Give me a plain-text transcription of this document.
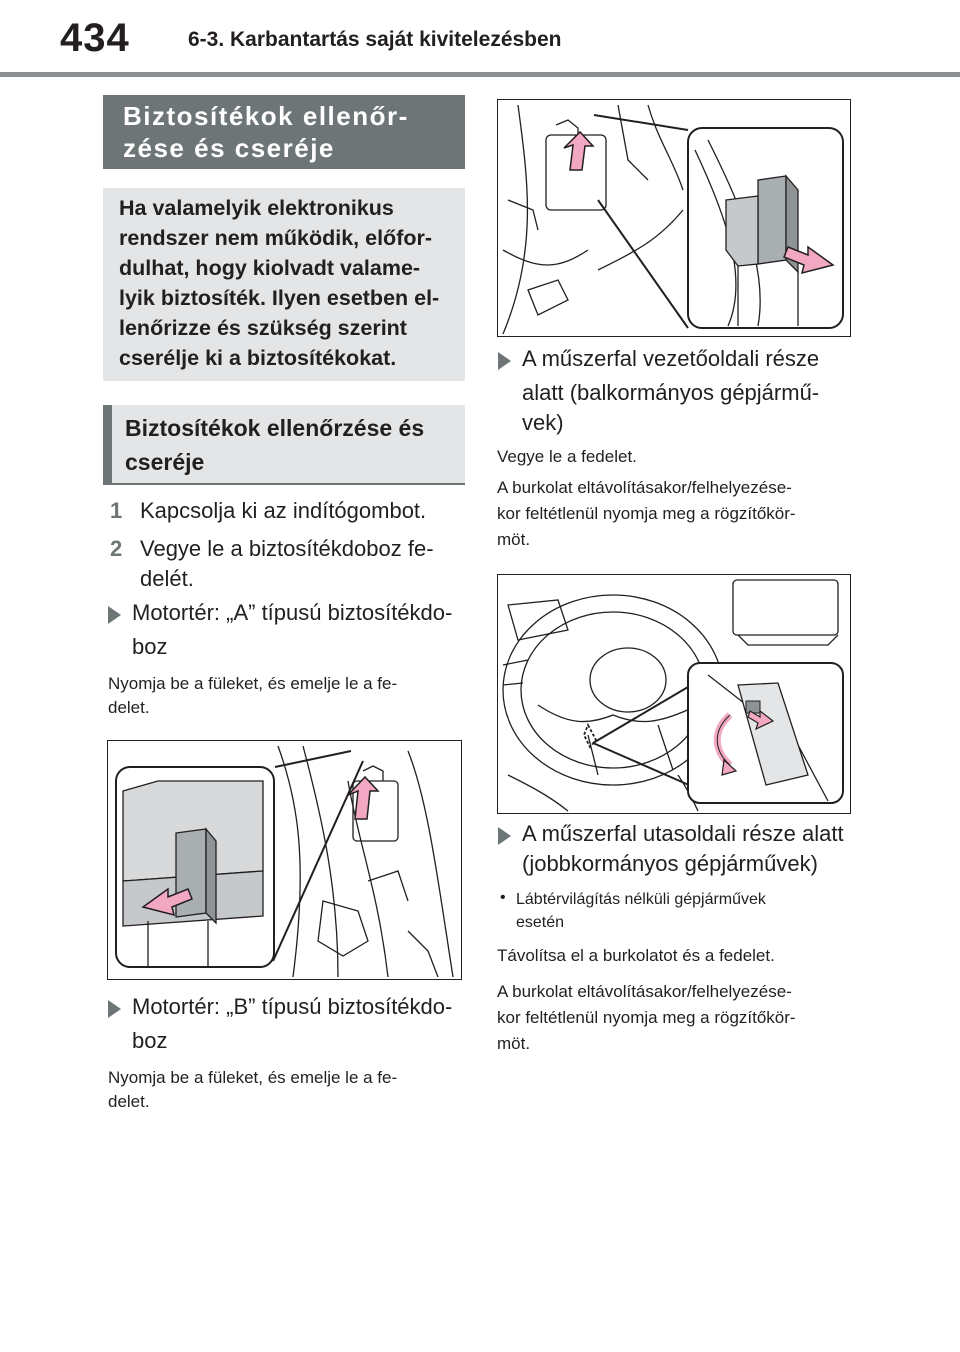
434	6-3. Karbantartás saját kivitelezésben
Biztosítékok ellenőr-
zése és cseréje
Ha valamelyik elektronikus
rendszer nem működik, előfor-
dulhat, hogy kiolvadt valame-
lyik biztosíték. Ilyen esetben el-
lenőrizze és szükség szerint
cserélje ki a biztosítékokat.
Biztosítékok ellenőrzése és
cseréje
1 Kapcsolja ki az indítógombot.
2 Vegye le a biztosítékdoboz fe-
delét.
Motortér: „A” típusú biztosítékdo-
boz
Nyomja be a füleket, és emelje le a fe-
delet.
Motortér: „B” típusú biztosítékdo-
boz
Nyomja be a füleket, és emelje le a fe-
delet.
A műszerfal vezetőoldali része
alatt (balkormányos gépjármű-
vek)
Vegye le a fedelet.
A burkolat eltávolításakor/felhelyezése-
kor feltétlenül nyomja meg a rögzítőkör-
möt.
A műszerfal utasoldali része alatt
(jobbkormányos gépjárművek)
• Lábtérvilágítás nélküli gépjárművek
esetén
Távolítsa el a burkolatot és a fedelet.
A burkolat eltávolításakor/felhelyezése-
kor feltétlenül nyomja meg a rögzítőkör-
möt.
